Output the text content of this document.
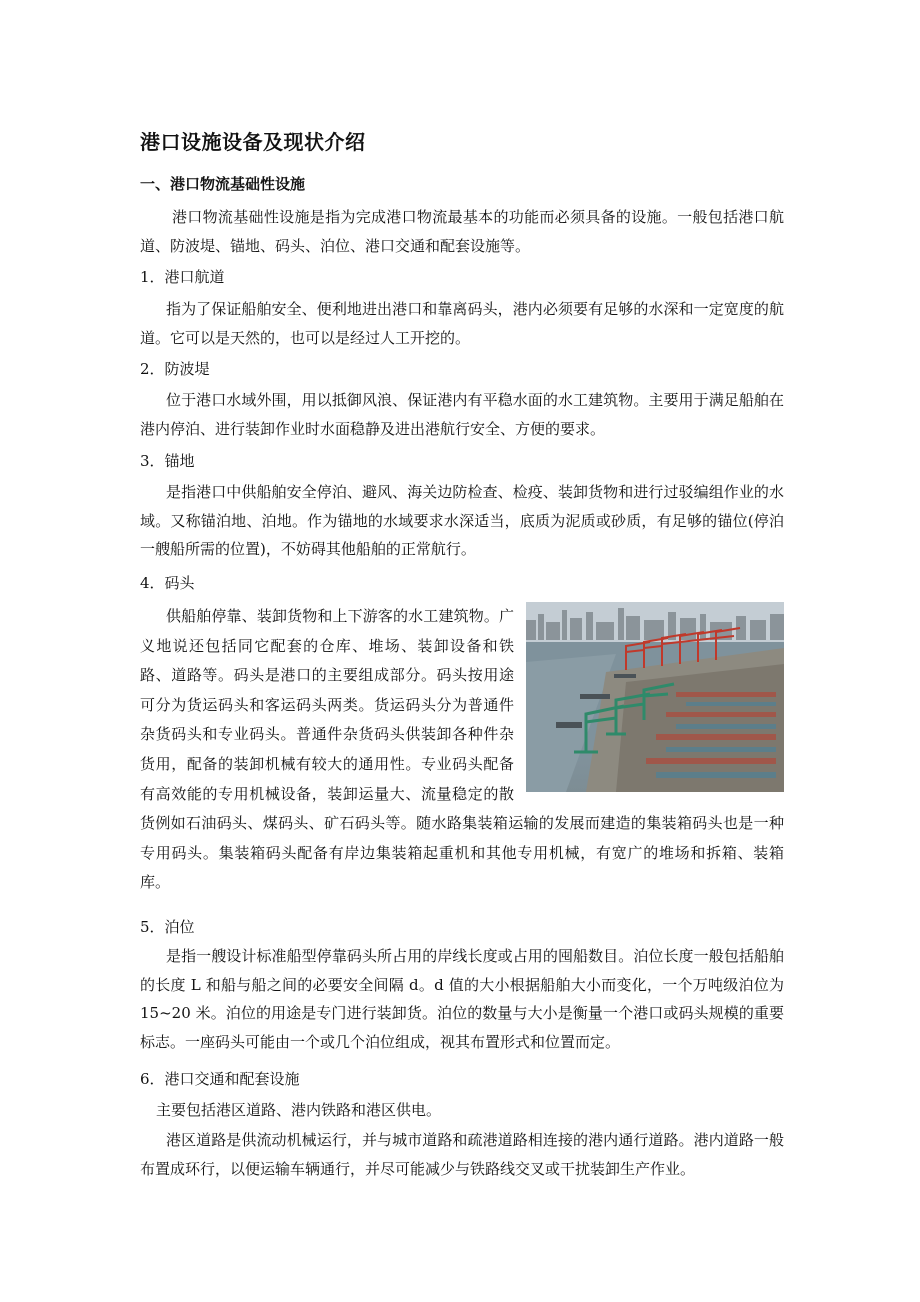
港口设施设备及现状介绍
一、港口物流基础性设施

港口物流基础性设施是指为完成港口物流最基本的功能而必须具备的设施。一般包括港口航道、防波堤、锚地、码头、泊位、港口交通和配套设施等。

1．港口航道

指为了保证船舶安全、便利地进出港口和靠离码头，港内必须要有足够的水深和一定宽度的航道。它可以是天然的，也可以是经过人工开挖的。

2．防波堤

位于港口水域外围，用以抵御风浪、保证港内有平稳水面的水工建筑物。主要用于满足船舶在港内停泊、进行装卸作业时水面稳静及进出港航行安全、方便的要求。

3．锚地

是指港口中供船舶安全停泊、避风、海关边防检查、检疫、装卸货物和进行过驳编组作业的水域。又称锚泊地、泊地。作为锚地的水域要求水深适当，底质为泥质或砂质，有足够的锚位(停泊一艘船所需的位置)，不妨碍其他船舶的正常航行。

4．码头

供船舶停靠、装卸货物和上下游客的水工建筑物。广义地说还包括同它配套的仓库、堆场、装卸设备和铁路、道路等。码头是港口的主要组成部分。码头按用途可分为货运码头和客运码头两类。货运码头分为普通件杂货码头和专业码头。普通件杂货码头供装卸各种件杂货用，配备的装卸机械有较大的通用性。专业码头配备有高效能的专用机械设备，装卸运量大、流量稳定的散货例如石油码头、煤码头、矿石码头等。随水路集装箱运输的发展而建造的集装箱码头也是一种专用码头。集装箱码头配备有岸边集装箱起重机和其他专用机械，有宽广的堆场和拆箱、装箱库。

5．泊位

是指一艘设计标准船型停靠码头所占用的岸线长度或占用的囤船数目。泊位长度一般包括船舶的长度 L 和船与船之间的必要安全间隔 d。d 值的大小根据船舶大小而变化，一个万吨级泊位为 15~20 米。泊位的用途是专门进行装卸货。泊位的数量与大小是衡量一个港口或码头规模的重要标志。一座码头可能由一个或几个泊位组成，视其布置形式和位置而定。

6．港口交通和配套设施

主要包括港区道路、港内铁路和港区供电。

港区道路是供流动机械运行，并与城市道路和疏港道路相连接的港内通行道路。港内道路一般布置成环行，以便运输车辆通行，并尽可能减少与铁路线交叉或干扰装卸生产作业。
